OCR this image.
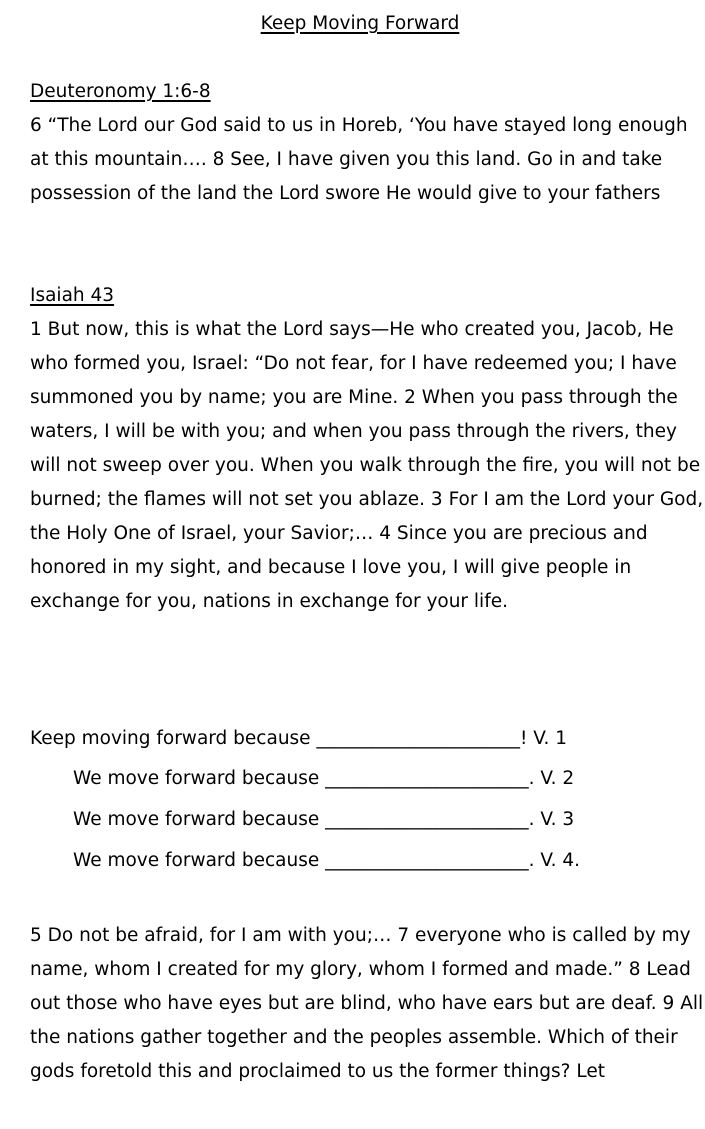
Keep Moving Forward
Deuteronomy 1:6-8

6 “The Lord our God said to us in Horeb, ‘You have stayed long enough at this mountain…. 8 See, I have given you this land. Go in and take possession of the land the Lord swore He would give to your fathers

Isaiah 43

1 But now, this is what the Lord says—He who created you, Jacob, He who formed you, Israel: “Do not fear, for I have redeemed you; I have summoned you by name; you are Mine. 2 When you pass through the waters, I will be with you; and when you pass through the rivers, they will not sweep over you. When you walk through the fire, you will not be burned; the flames will not set you ablaze. 3 For I am the Lord your God, the Holy One of Israel, your Savior;… 4 Since you are precious and honored in my sight, and because I love you, I will give people in exchange for you, nations in exchange for your life.

Keep moving forward because ______________________! V. 1
We move forward because ______________________. V. 2
We move forward because ______________________. V. 3
We move forward because ______________________. V. 4.

5 Do not be afraid, for I am with you;… 7 everyone who is called by my name, whom I created for my glory, whom I formed and made.” 8 Lead out those who have eyes but are blind, who have ears but are deaf. 9 All the nations gather together and the peoples assemble. Which of their gods foretold this and proclaimed to us the former things? Let
